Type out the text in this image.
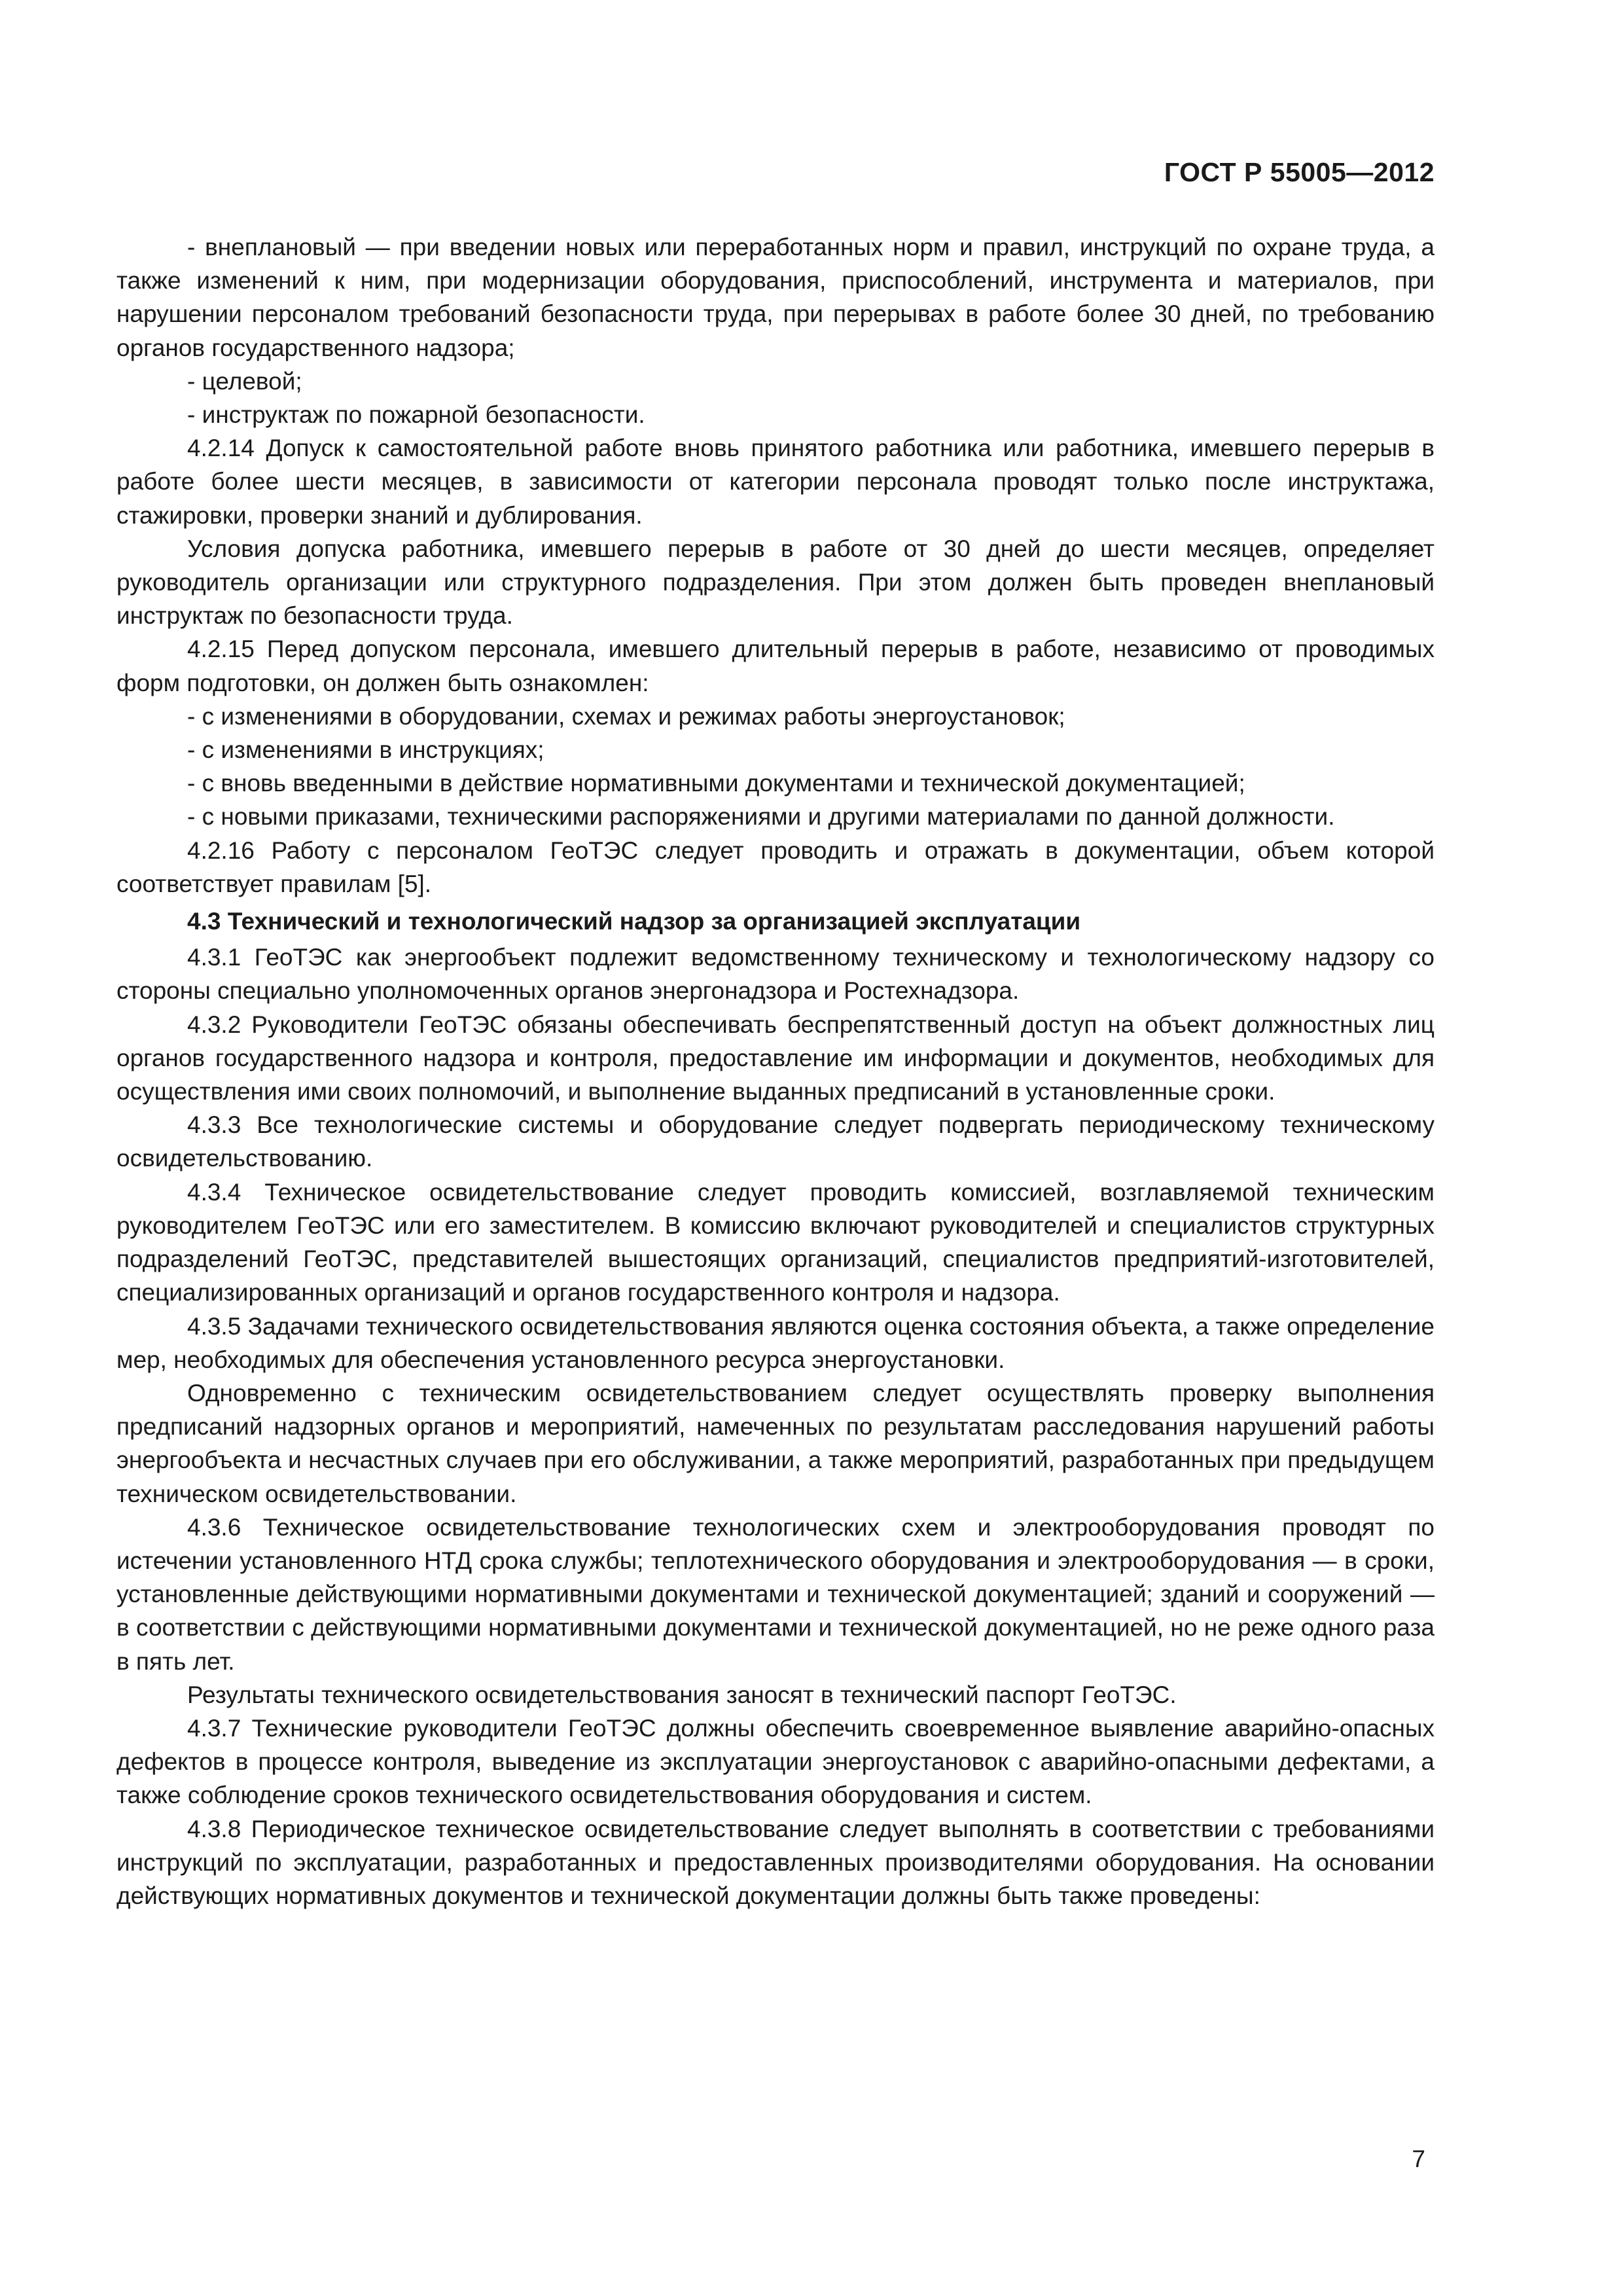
ГОСТ Р 55005—2012

- внеплановый — при введении новых или переработанных норм и правил, инструкций по охране труда, а также изменений к ним, при модернизации оборудования, приспособлений, инструмента и материалов, при нарушении персоналом требований безопасности труда, при перерывах в работе более 30 дней, по требованию органов государственного надзора;

- целевой;

- инструктаж по пожарной безопасности.

4.2.14 Допуск к самостоятельной работе вновь принятого работника или работника, имевшего перерыв в работе более шести месяцев, в зависимости от категории персонала проводят только после инструктажа, стажировки, проверки знаний и дублирования.

Условия допуска работника, имевшего перерыв в работе от 30 дней до шести месяцев, определяет руководитель организации или структурного подразделения. При этом должен быть проведен внеплановый инструктаж по безопасности труда.

4.2.15 Перед допуском персонала, имевшего длительный перерыв в работе, независимо от проводимых форм подготовки, он должен быть ознакомлен:

- с изменениями в оборудовании, схемах и режимах работы энергоустановок;

- с изменениями в инструкциях;

- с вновь введенными в действие нормативными документами и технической документацией;

- с новыми приказами, техническими распоряжениями и другими материалами по данной должности.

4.2.16 Работу с персоналом ГеоТЭС следует проводить и отражать в документации, объем которой соответствует правилам [5].

4.3 Технический и технологический надзор за организацией эксплуатации

4.3.1 ГеоТЭС как энергообъект подлежит ведомственному техническому и технологическому надзору со стороны специально уполномоченных органов энергонадзора и Ростехнадзора.

4.3.2 Руководители ГеоТЭС обязаны обеспечивать беспрепятственный доступ на объект должностных лиц органов государственного надзора и контроля, предоставление им информации и документов, необходимых для осуществления ими своих полномочий, и выполнение выданных предписаний в установленные сроки.

4.3.3 Все технологические системы и оборудование следует подвергать периодическому техническому освидетельствованию.

4.3.4 Техническое освидетельствование следует проводить комиссией, возглавляемой техническим руководителем ГеоТЭС или его заместителем. В комиссию включают руководителей и специалистов структурных подразделений ГеоТЭС, представителей вышестоящих организаций, специалистов предприятий-изготовителей, специализированных организаций и органов государственного контроля и надзора.

4.3.5 Задачами технического освидетельствования являются оценка состояния объекта, а также определение мер, необходимых для обеспечения установленного ресурса энергоустановки.

Одновременно с техническим освидетельствованием следует осуществлять проверку выполнения предписаний надзорных органов и мероприятий, намеченных по результатам расследования нарушений работы энергообъекта и несчастных случаев при его обслуживании, а также мероприятий, разработанных при предыдущем техническом освидетельствовании.

4.3.6 Техническое освидетельствование технологических схем и электрооборудования проводят по истечении установленного НТД срока службы; теплотехнического оборудования и электрооборудования — в сроки, установленные действующими нормативными документами и технической документацией; зданий и сооружений — в соответствии с действующими нормативными документами и технической документацией, но не реже одного раза в пять лет.

Результаты технического освидетельствования заносят в технический паспорт ГеоТЭС.

4.3.7 Технические руководители ГеоТЭС должны обеспечить своевременное выявление аварийно-опасных дефектов в процессе контроля, выведение из эксплуатации энергоустановок с аварийно-опасными дефектами, а также соблюдение сроков технического освидетельствования оборудования и систем.

4.3.8 Периодическое техническое освидетельствование следует выполнять в соответствии с требованиями инструкций по эксплуатации, разработанных и предоставленных производителями оборудования. На основании действующих нормативных документов и технической документации должны быть также проведены:

7
